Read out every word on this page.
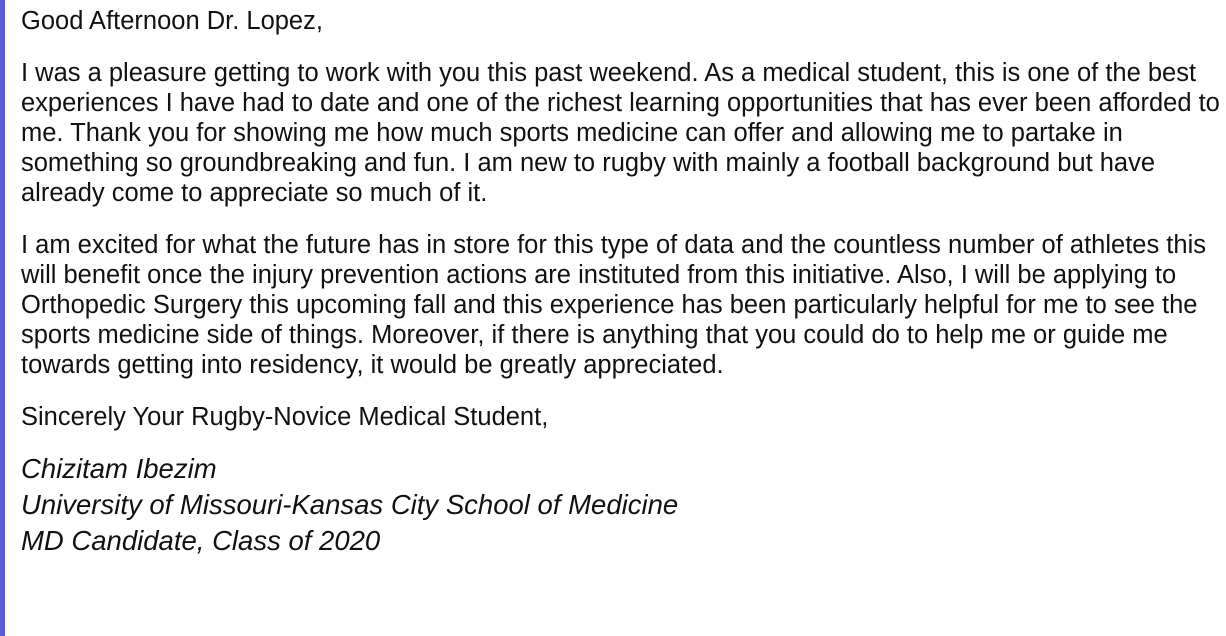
Good Afternoon Dr. Lopez,

I was a pleasure getting to work with you this past weekend. As a medical student, this is one of the best experiences I have had to date and one of the richest learning opportunities that has ever been afforded to me. Thank you for showing me how much sports medicine can offer and allowing me to partake in something so groundbreaking and fun. I am new to rugby with mainly a football background but have already come to appreciate so much of it.

I am excited for what the future has in store for this type of data and the countless number of athletes this will benefit once the injury prevention actions are instituted from this initiative. Also, I will be applying to Orthopedic Surgery this upcoming fall and this experience has been particularly helpful for me to see the sports medicine side of things. Moreover, if there is anything that you could do to help me or guide me towards getting into residency, it would be greatly appreciated.

Sincerely Your Rugby-Novice Medical Student,

Chizitam Ibezim
University of Missouri-Kansas City School of Medicine
MD Candidate, Class of 2020
